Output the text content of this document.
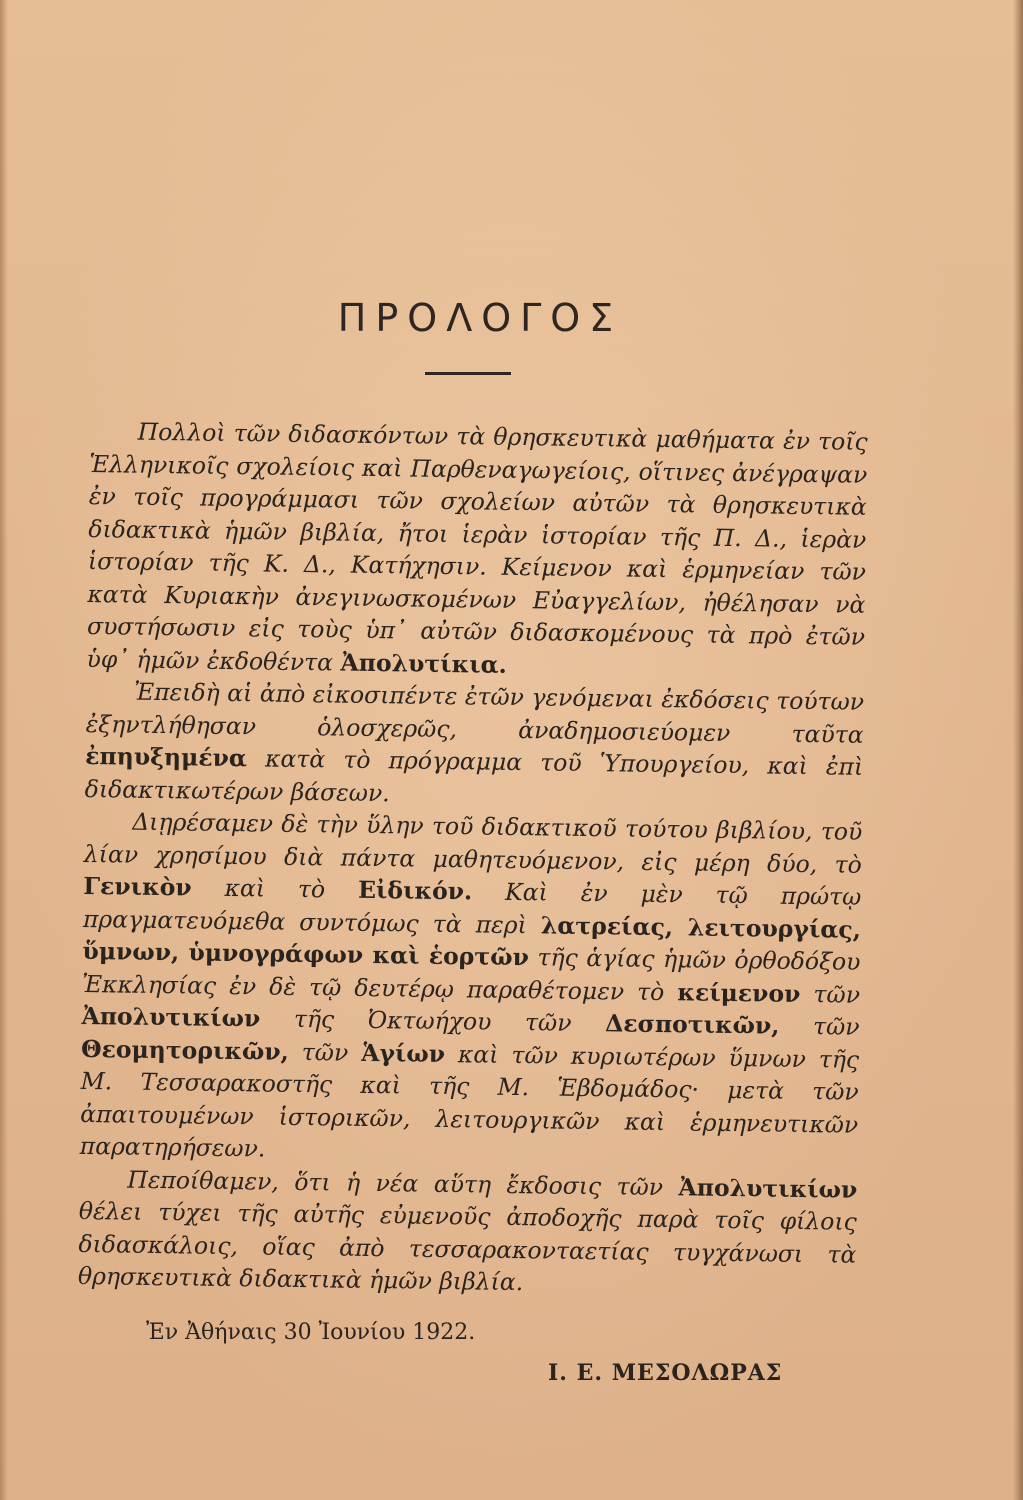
ΠΡΟΛΟΓΟΣ

Πολλοὶ τῶν διδασκόντων τὰ θρησκευτικὰ μαθήματα ἐν τοῖς Ἑλληνικοῖς σχολείοις καὶ Παρθεναγωγείοις, οἵτινες ἀνέγραψαν ἐν τοῖς προγράμμασι τῶν σχολείων αὐτῶν τὰ θρησκευτικὰ διδακτικὰ ἡμῶν βιβλία, ἤτοι ἱερὰν ἱστορίαν τῆς Π. Δ., ἱερὰν ἱστορίαν τῆς Κ. Δ., Κατήχησιν. Κείμενον καὶ ἑρμηνείαν τῶν κατὰ Κυριακὴν ἀνεγινωσκομένων Εὐαγγελίων, ἠθέλησαν νὰ συστήσωσιν εἰς τοὺς ὑπ᾽ αὐτῶν διδασκομένους τὰ πρὸ ἐτῶν ὑφ᾽ ἡμῶν ἐκδοθέντα Ἀπολυτίκια.

Ἐπειδὴ αἱ ἀπὸ εἰκοσιπέντε ἐτῶν γενόμεναι ἐκδόσεις τούτων ἐξηντλήθησαν ὁλοσχερῶς, ἀναδημοσιεύομεν ταῦτα ἐπηυξημένα κατὰ τὸ πρόγραμμα τοῦ Ὑπουργείου, καὶ ἐπὶ διδακτικωτέρων βάσεων.

Διῃρέσαμεν δὲ τὴν ὕλην τοῦ διδακτικοῦ τούτου βιβλίου, τοῦ λίαν χρησίμου διὰ πάντα μαθητευόμενον, εἰς μέρη δύο, τὸ Γενικὸν καὶ τὸ Εἰδικόν. Καὶ ἐν μὲν τῷ πρώτῳ πραγματευόμεθα συντόμως τὰ περὶ λατρείας, λειτουργίας, ὕμνων, ὑμνογράφων καὶ ἑορτῶν τῆς ἁγίας ἡμῶν ὀρθοδόξου Ἐκκλησίας ἐν δὲ τῷ δευτέρῳ παραθέτομεν τὸ κείμενον τῶν Ἀπολυτικίων τῆς Ὀκτωήχου τῶν Δεσποτικῶν, τῶν Θεομητορικῶν, τῶν Ἁγίων καὶ τῶν κυριωτέρων ὕμνων τῆς Μ. Τεσσαρακοστῆς καὶ τῆς Μ. Ἑβδομάδος· μετὰ τῶν ἀπαιτουμένων ἱστορικῶν, λειτουργικῶν καὶ ἑρμηνευτικῶν παρατηρήσεων.

Πεποίθαμεν, ὅτι ἡ νέα αὕτη ἔκδοσις τῶν Ἀπολυτικίων θέλει τύχει τῆς αὐτῆς εὐμενοῦς ἀποδοχῆς παρὰ τοῖς φίλοις διδασκάλοις, οἵας ἀπὸ τεσσαρακονταετίας τυγχάνωσι τὰ θρησκευτικὰ διδακτικὰ ἡμῶν βιβλία.

Ἐν Ἀθήναις 30 Ἰουνίου 1922.

Ι. Ε. ΜΕΣΟΛΩΡΑΣ
